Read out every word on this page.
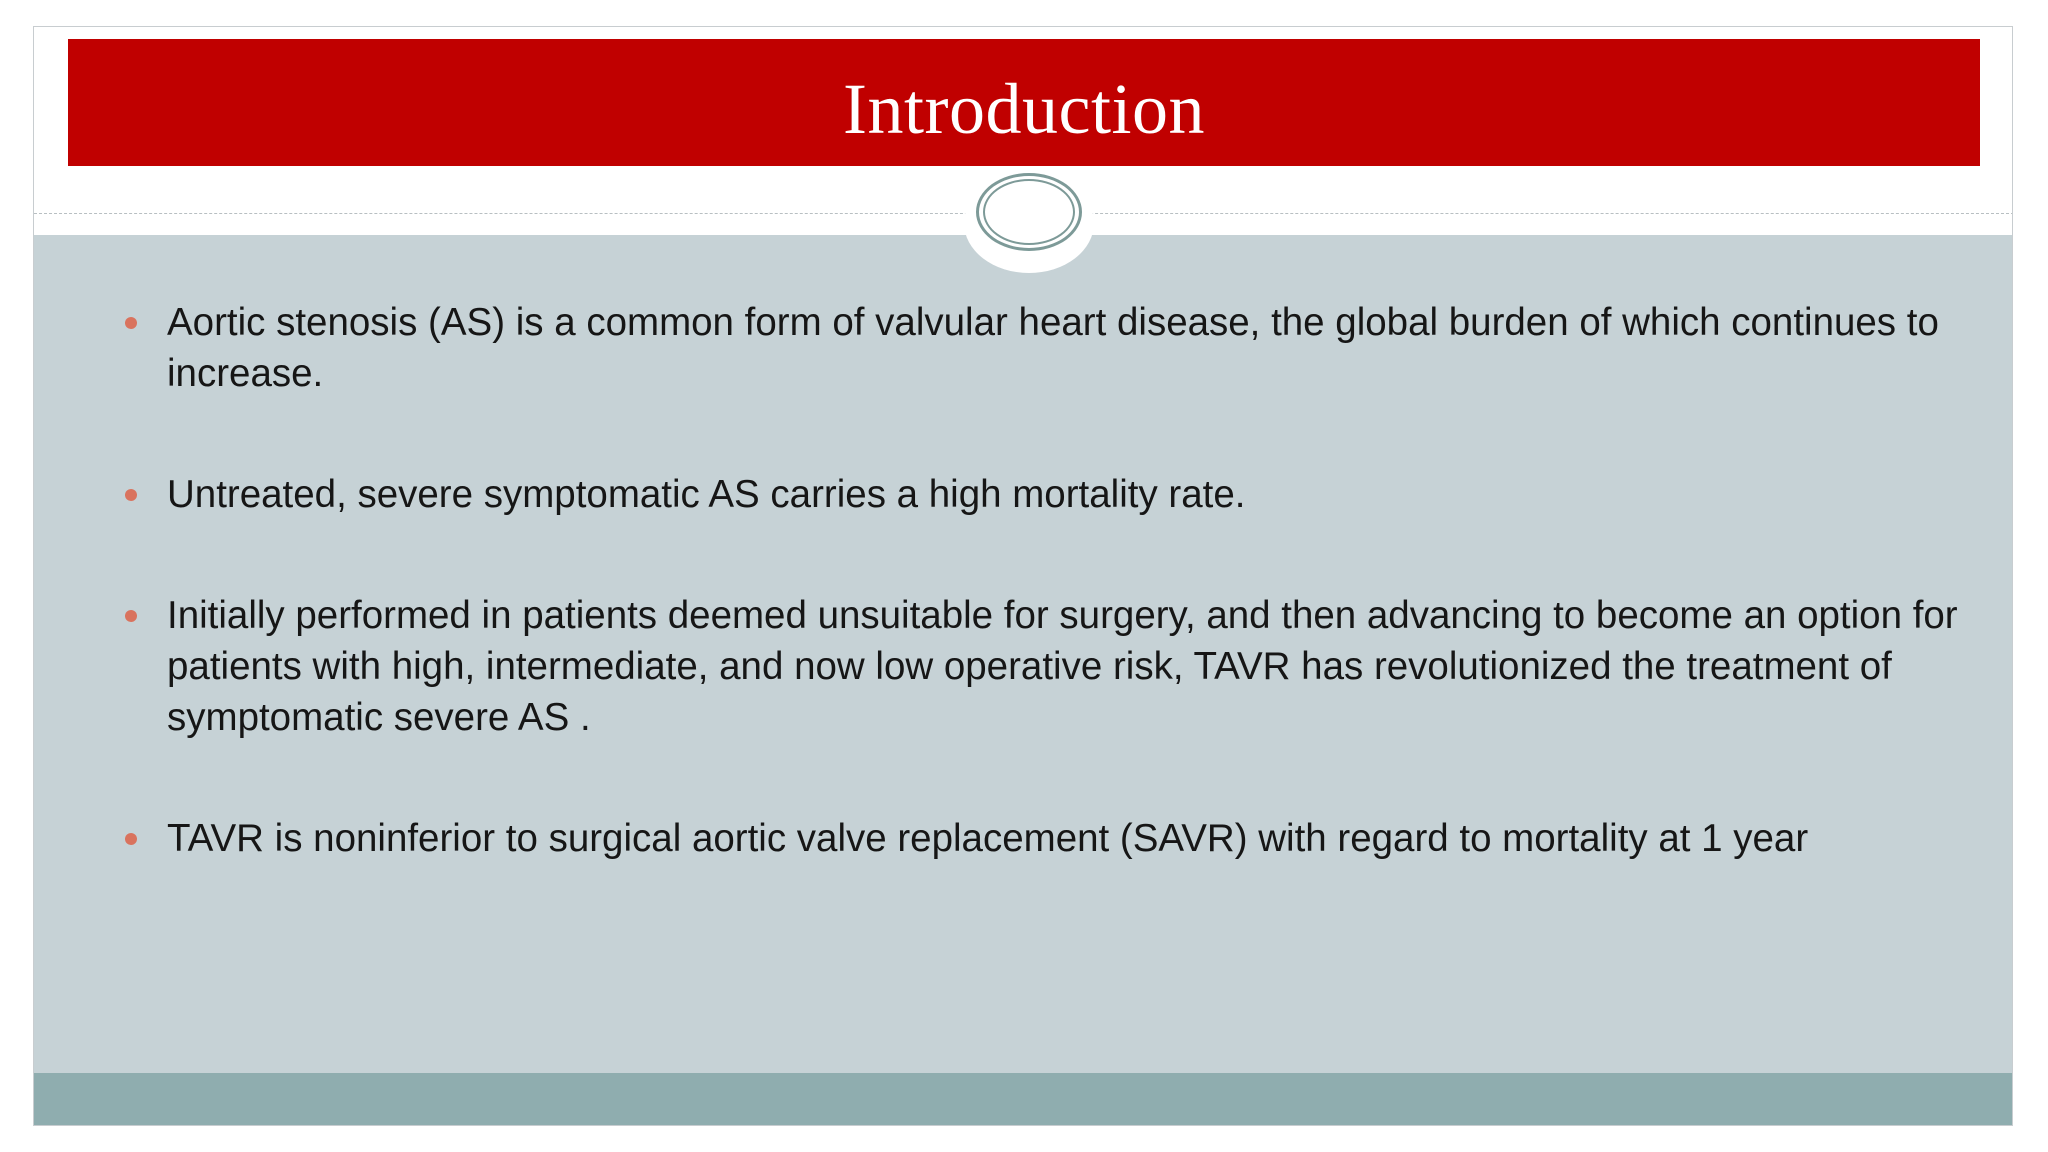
Introduction
Aortic stenosis (AS) is a common form of valvular heart disease, the global burden of which continues to increase.
Untreated, severe symptomatic AS carries a high mortality rate.
Initially performed in patients deemed unsuitable for surgery, and then advancing to become an option for patients with high, intermediate, and now low operative risk, TAVR has revolutionized the treatment of symptomatic severe AS .
TAVR is noninferior to surgical aortic valve replacement (SAVR) with regard to mortality at 1 year
